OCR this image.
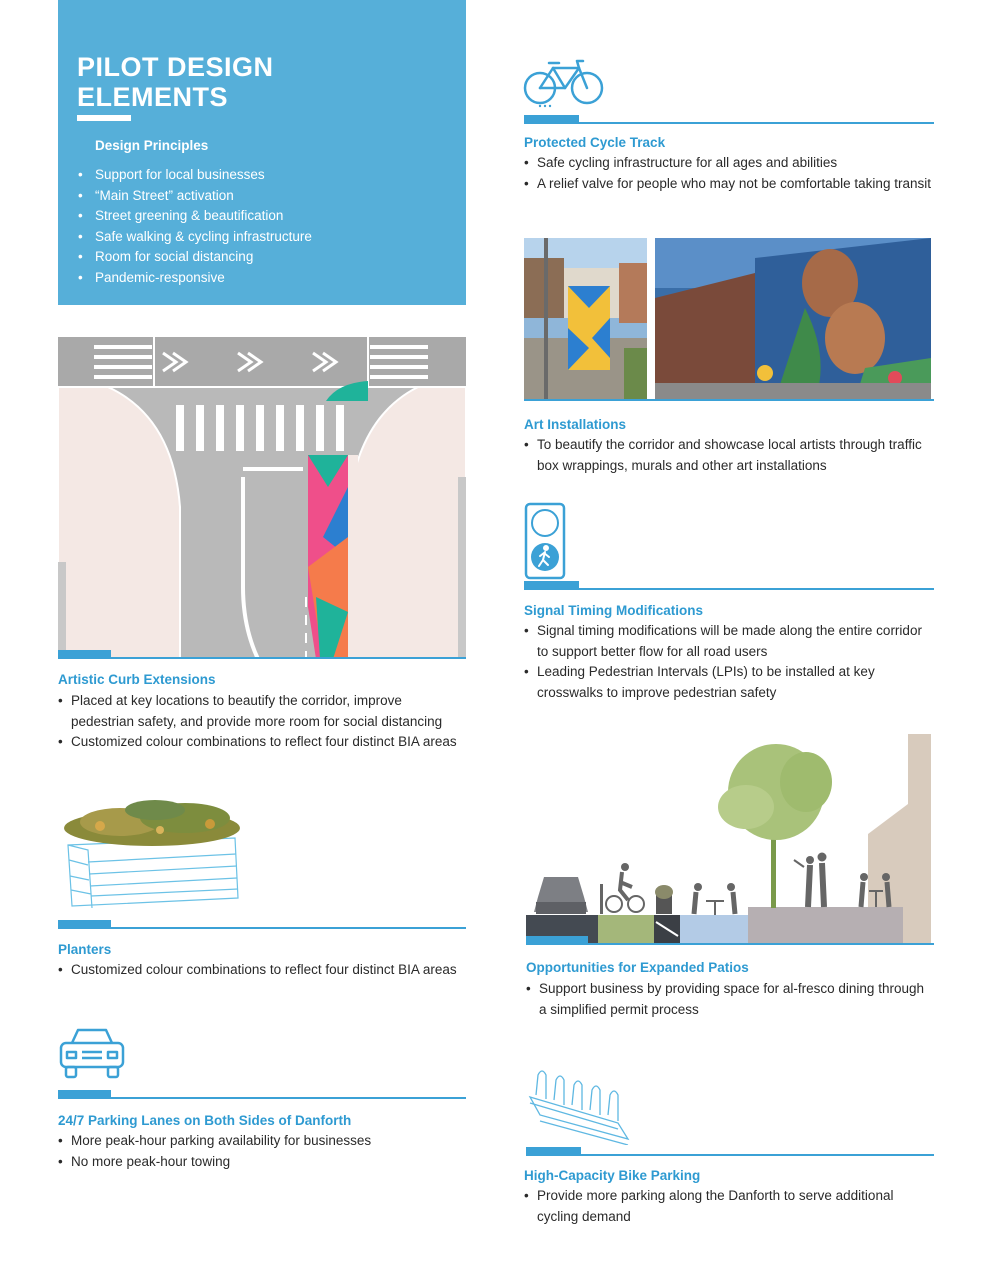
PILOT DESIGN
ELEMENTS
Design Principles
• Support for local businesses
• “Main Street” activation
• Street greening & beautification
• Safe walking & cycling infrastructure
• Room for social distancing
• Pandemic-responsive
Artistic Curb Extensions
• Placed at key locations to beautify the corridor, improve pedestrian safety, and provide more room for social distancing
• Customized colour combinations to reflect four distinct BIA areas
Planters
• Customized colour combinations to reflect four distinct BIA areas
24/7 Parking Lanes on Both Sides of Danforth
• More peak-hour parking availability for businesses
• No more peak-hour towing
Protected Cycle Track
• Safe cycling infrastructure for all ages and abilities
• A relief valve for people who may not be comfortable taking transit
Art Installations
• To beautify the corridor and showcase local artists through traffic box wrappings, murals and other art installations
Signal Timing Modifications
• Signal timing modifications will be made along the entire corridor to support better flow for all road users
• Leading Pedestrian Intervals (LPIs) to be installed at key crosswalks to improve pedestrian safety
Opportunities for Expanded Patios
• Support business by providing space for al-fresco dining through a simplified permit process
High-Capacity Bike Parking
• Provide more parking along the Danforth to serve additional cycling demand
